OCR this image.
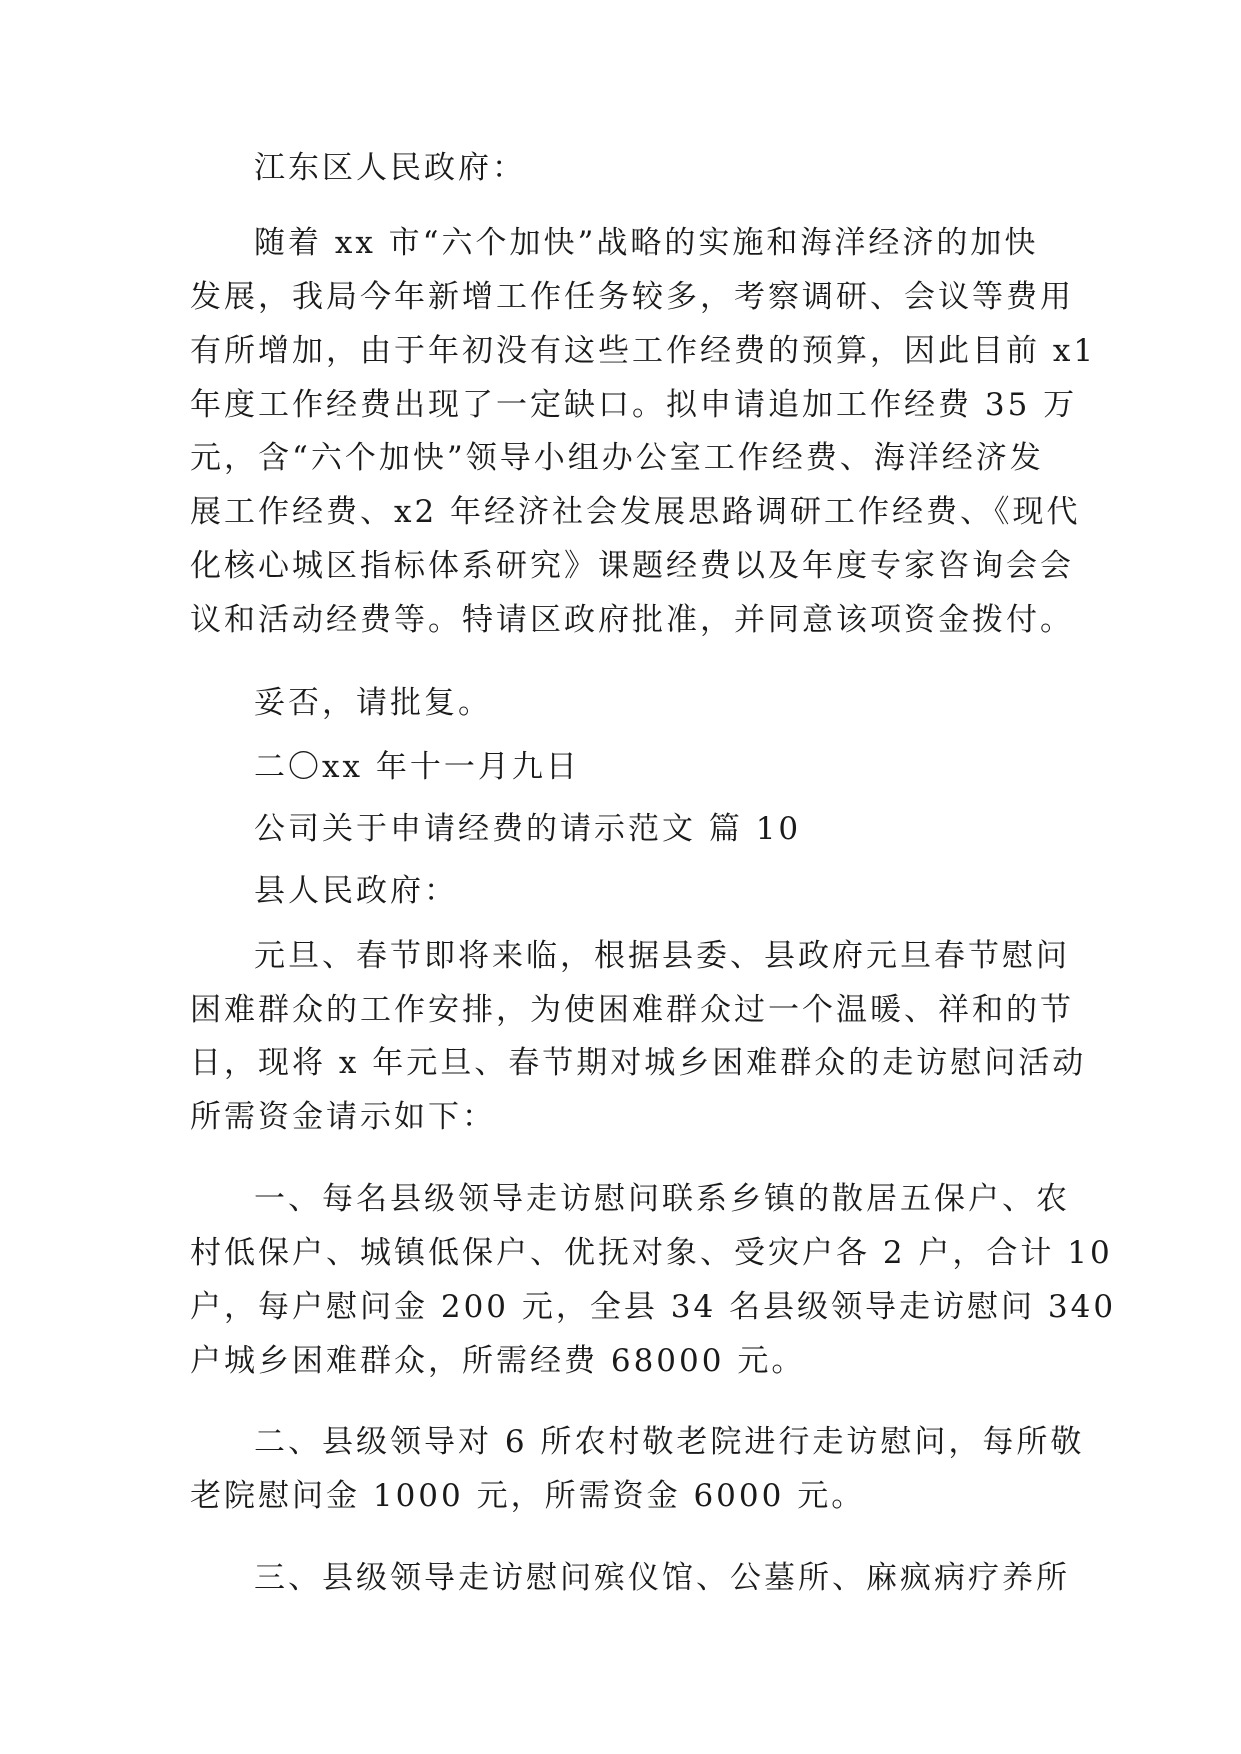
江东区人民政府：
随着 xx 市“六个加快”战略的实施和海洋经济的加快
发展，我局今年新增工作任务较多，考察调研、会议等费用
有所增加，由于年初没有这些工作经费的预算，因此目前 x1
年度工作经费出现了一定缺口。拟申请追加工作经费 35 万
元，含“六个加快”领导小组办公室工作经费、海洋经济发
展工作经费、x2 年经济社会发展思路调研工作经费、《现代
化核心城区指标体系研究》课题经费以及年度专家咨询会会
议和活动经费等。特请区政府批准，并同意该项资金拨付。
妥否，请批复。
二〇xx 年十一月九日
公司关于申请经费的请示范文 篇 10
县人民政府：
元旦、春节即将来临，根据县委、县政府元旦春节慰问
困难群众的工作安排，为使困难群众过一个温暖、祥和的节
日，现将 x 年元旦、春节期对城乡困难群众的走访慰问活动
所需资金请示如下：
一、每名县级领导走访慰问联系乡镇的散居五保户、农
村低保户、城镇低保户、优抚对象、受灾户各 2 户，合计 10
户，每户慰问金 200 元，全县 34 名县级领导走访慰问 340
户城乡困难群众，所需经费 68000 元。
二、县级领导对 6 所农村敬老院进行走访慰问，每所敬
老院慰问金 1000 元，所需资金 6000 元。
三、县级领导走访慰问殡仪馆、公墓所、麻疯病疗养所
